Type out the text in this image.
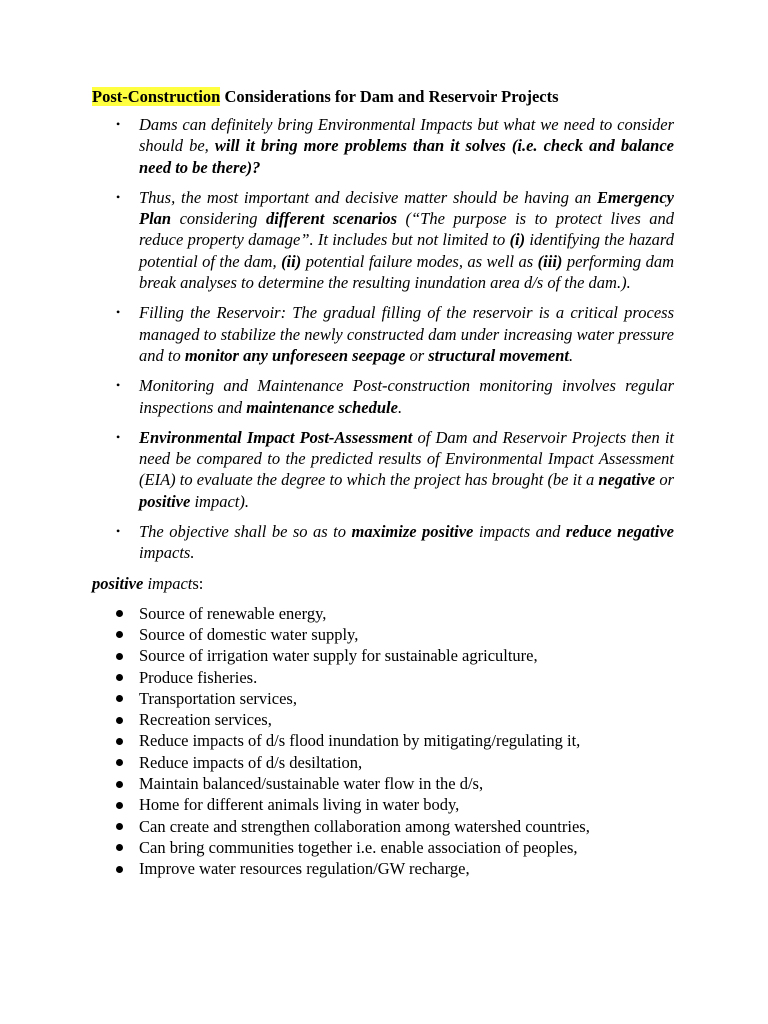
Post-Construction Considerations for Dam and Reservoir Projects
• Dams can definitely bring Environmental Impacts but what we need to consider should be, will it bring more problems than it solves (i.e. check and balance need to be there)?
• Thus, the most important and decisive matter should be having an Emergency Plan considering different scenarios (“The purpose is to protect lives and reduce property damage”. It includes but not limited to (i) identifying the hazard potential of the dam, (ii) potential failure modes, as well as (iii) performing dam break analyses to determine the resulting inundation area d/s of the dam.).
• Filling the Reservoir: The gradual filling of the reservoir is a critical process managed to stabilize the newly constructed dam under increasing water pressure and to monitor any unforeseen seepage or structural movement.
• Monitoring and Maintenance Post-construction monitoring involves regular inspections and maintenance schedule.
• Environmental Impact Post-Assessment of Dam and Reservoir Projects then it need be compared to the predicted results of Environmental Impact Assessment (EIA) to evaluate the degree to which the project has brought (be it a negative or positive impact).
• The objective shall be so as to maximize positive impacts and reduce negative impacts.
positive impacts:
Source of renewable energy,
Source of domestic water supply,
Source of irrigation water supply for sustainable agriculture,
Produce fisheries.
Transportation services,
Recreation services,
Reduce impacts of d/s flood inundation by mitigating/regulating it,
Reduce impacts of d/s desiltation,
Maintain balanced/sustainable water flow in the d/s,
Home for different animals living in water body,
Can create and strengthen collaboration among watershed countries,
Can bring communities together i.e. enable association of peoples,
Improve water resources regulation/GW recharge,
